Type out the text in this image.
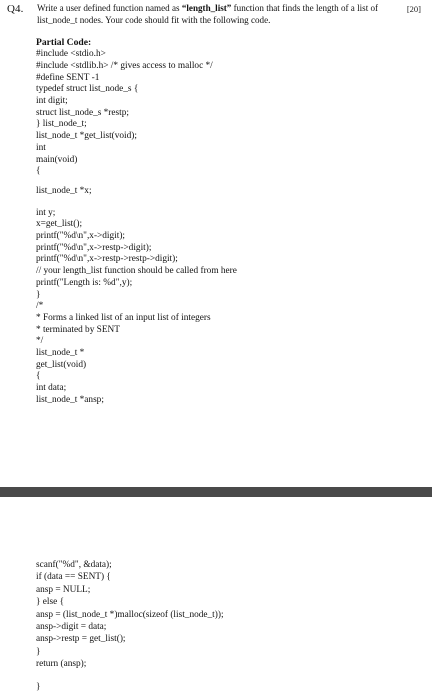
Q4. Write a user defined function named as “length_list” function that finds the length of a list of list_node_t nodes. Your code should fit with the following code.

[20]
Partial Code:
#include <stdio.h>
#include <stdlib.h> /* gives access to malloc */
#define SENT -1
typedef struct list_node_s {
int digit;
struct list_node_s *restp;
} list_node_t;
list_node_t *get_list(void);
int
main(void)
{
list_node_t *x;
int y;
x=get_list();
printf("%d\n",x->digit);
printf("%d\n",x->restp->digit);
printf("%d\n",x->restp->restp->digit);
// your length_list function should be called from here
printf("Length is: %d",y);
}
/*
* Forms a linked list of an input list of integers
* terminated by SENT
*/
list_node_t *
get_list(void)
{
int data;
list_node_t *ansp;
scanf("%d", &data);
if (data == SENT) {
ansp = NULL;
} else {
ansp = (list_node_t *)malloc(sizeof (list_node_t));
ansp->digit = data;
ansp->restp = get_list();
}
return (ansp);
}
